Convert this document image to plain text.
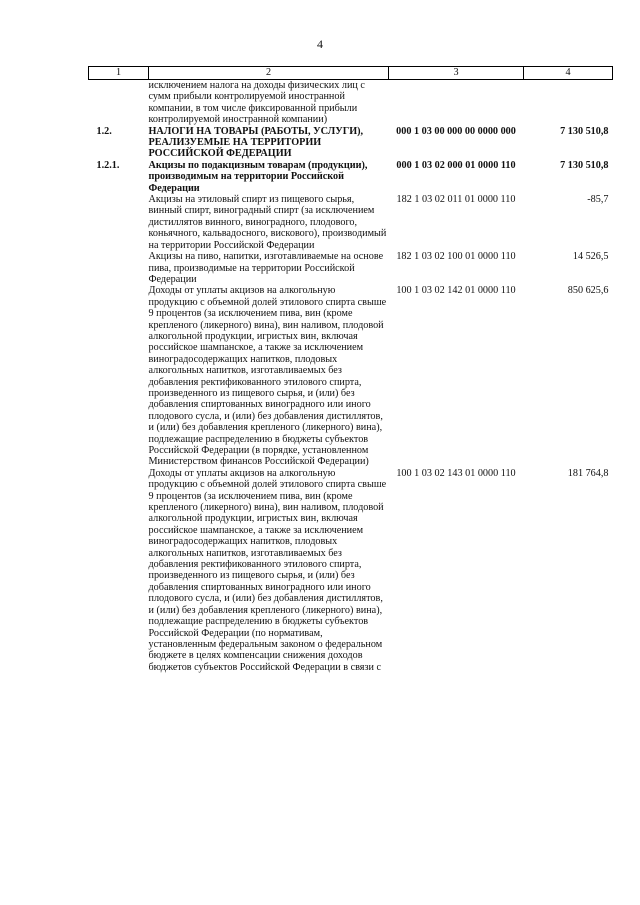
4
1	2	3	4
	исключением налога на доходы физических лиц с сумм прибыли контролируемой иностранной компании, в том числе фиксированной прибыли контролируемой иностранной компании)		
1.2.	НАЛОГИ НА ТОВАРЫ (РАБОТЫ, УСЛУГИ), РЕАЛИЗУЕМЫЕ НА ТЕРРИТОРИИ РОССИЙСКОЙ ФЕДЕРАЦИИ	000 1 03 00 000 00 0000 000	7 130 510,8
1.2.1.	Акцизы по подакцизным товарам (продукции), производимым на территории Российской Федерации	000 1 03 02 000 01 0000 110	7 130 510,8
	Акцизы на этиловый спирт из пищевого сырья, винный спирт, виноградный спирт (за исключением дистиллятов винного, виноградного, плодового, коньячного, кальвадосного, вискового), производимый на территории Российской Федерации	182 1 03 02 011 01 0000 110	-85,7
	Акцизы на пиво, напитки, изготавливаемые на основе пива, производимые на территории Российской Федерации	182 1 03 02 100 01 0000 110	14 526,5
	Доходы от уплаты акцизов на алкогольную продукцию с объемной долей этилового спирта свыше 9 процентов (за исключением пива, вин (кроме крепленого (ликерного) вина), вин наливом, плодовой алкогольной продукции, игристых вин, включая российское шампанское, а также за исключением виноградосодержащих напитков, плодовых алкогольных напитков, изготавливаемых без добавления ректификованного этилового спирта, произведенного из пищевого сырья, и (или) без добавления спиртованных виноградного или иного плодового сусла, и (или) без добавления дистиллятов, и (или) без добавления крепленого (ликерного) вина), подлежащие распределению в бюджеты субъектов Российской Федерации (в порядке, установленном Министерством финансов Российской Федерации)	100 1 03 02 142 01 0000 110	850 625,6
	Доходы от уплаты акцизов на алкогольную продукцию с объемной долей этилового спирта свыше 9 процентов (за исключением пива, вин (кроме крепленого (ликерного) вина), вин наливом, плодовой алкогольной продукции, игристых вин, включая российское шампанское, а также за исключением виноградосодержащих напитков, плодовых алкогольных напитков, изготавливаемых без добавления ректификованного этилового спирта, произведенного из пищевого сырья, и (или) без добавления спиртованных виноградного или иного плодового сусла, и (или) без добавления дистиллятов, и (или) без добавления крепленого (ликерного) вина), подлежащие распределению в бюджеты субъектов Российской Федерации (по нормативам, установленным федеральным законом о федеральном бюджете в целях компенсации снижения доходов бюджетов субъектов Российской Федерации в связи с	100 1 03 02 143 01 0000 110	181 764,8
